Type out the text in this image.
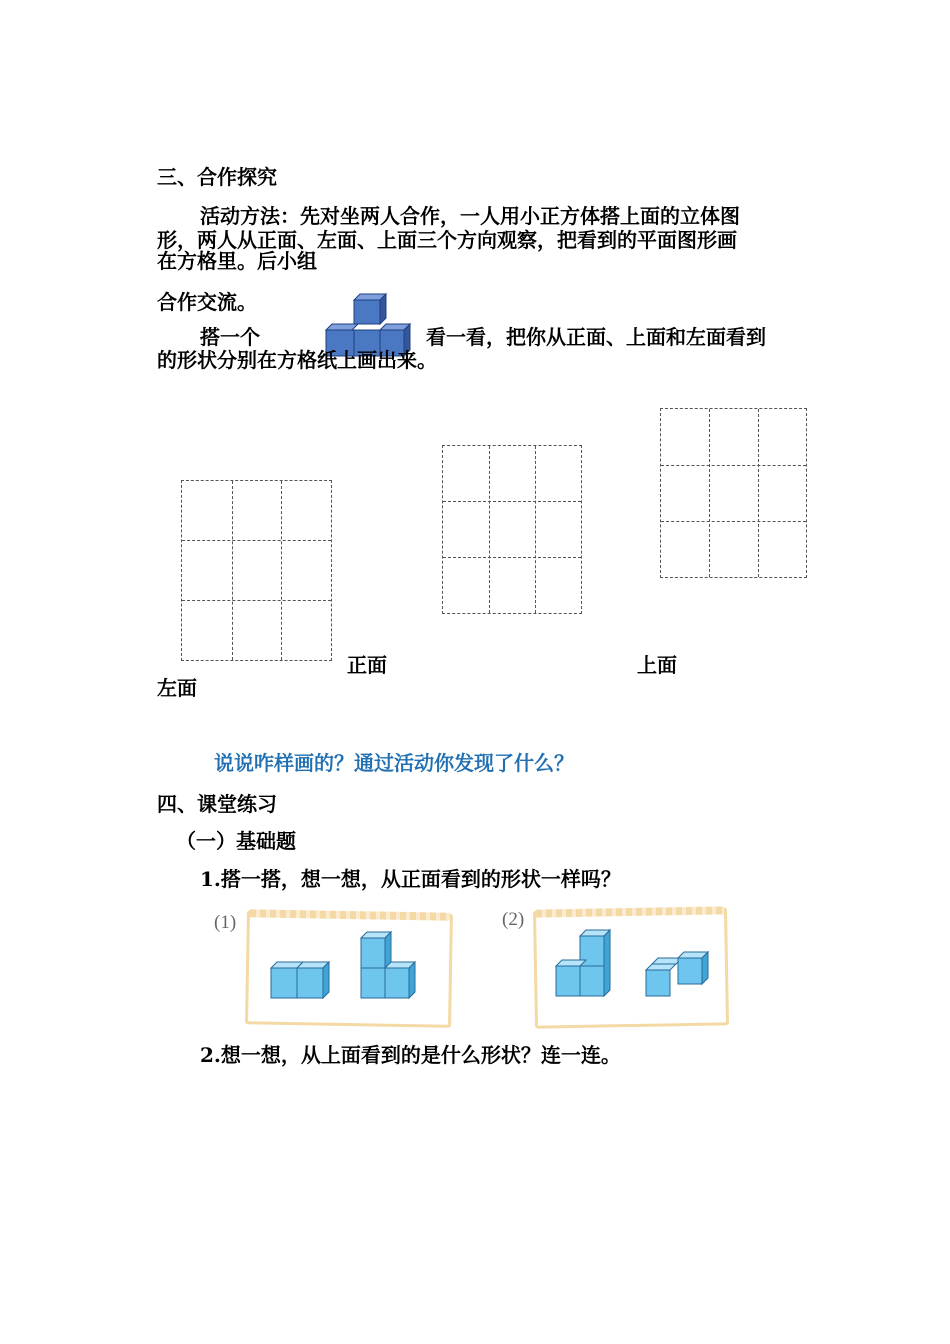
三、合作探究
活动方法：先对坐两人合作，一人用小正方体搭上面的立体图
形，两人从正面、左面、上面三个方向观察，把看到的平面图形画
在方格里。后小组
合作交流。
搭一个	看一看，把你从正面、上面和左面看到
的形状分别在方格纸上画出来。
正面	上面
左面
说说咋样画的？通过活动你发现了什么？
四、课堂练习
（一）基础题
1.搭一搭，想一想，从正面看到的形状一样吗？
(1)	(2)
2.想一想，从上面看到的是什么形状？连一连。
